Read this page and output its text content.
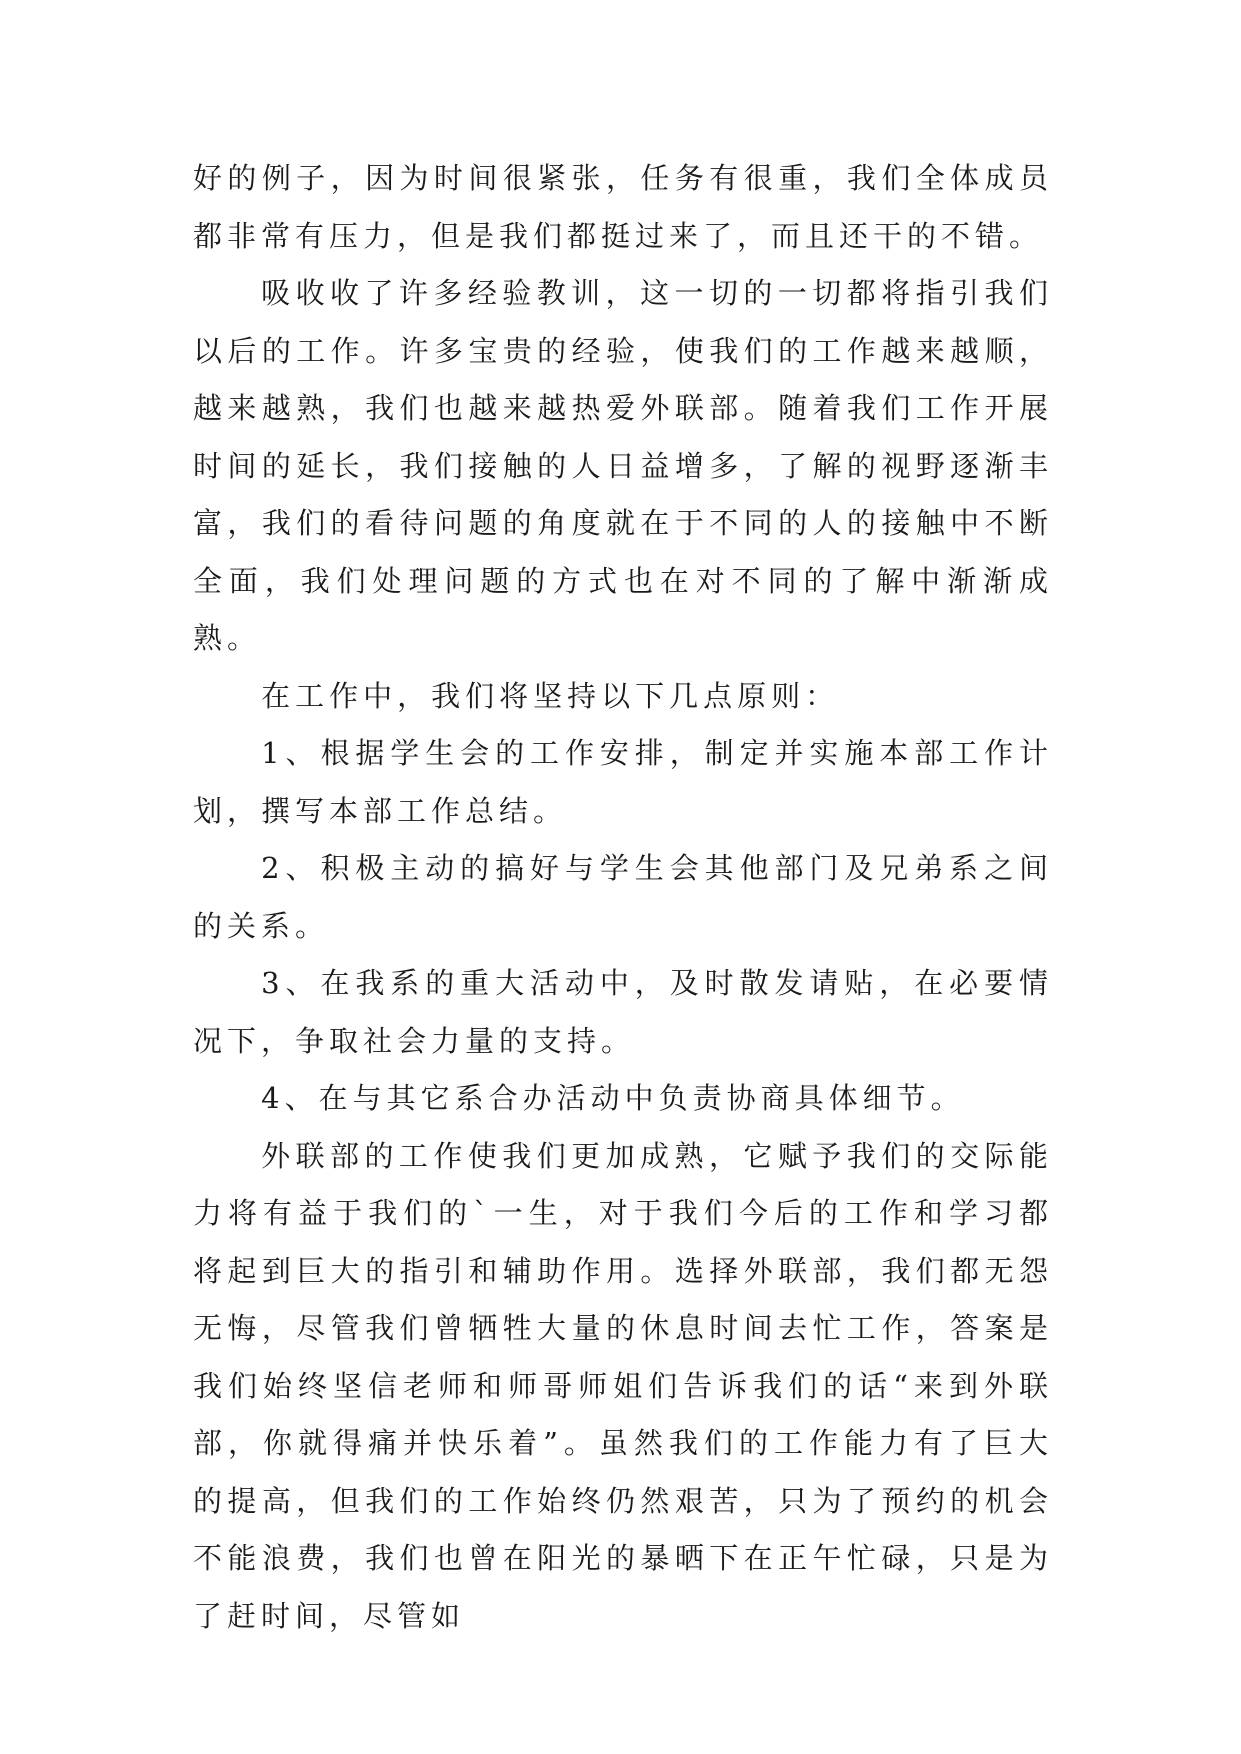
好的例子，因为时间很紧张，任务有很重，我们全体成员都非常有压力，但是我们都挺过来了，而且还干的不错。

吸收收了许多经验教训，这一切的一切都将指引我们以后的工作。许多宝贵的经验，使我们的工作越来越顺，越来越熟，我们也越来越热爱外联部。随着我们工作开展时间的延长，我们接触的人日益增多，了解的视野逐渐丰富，我们的看待问题的角度就在于不同的人的接触中不断全面，我们处理问题的方式也在对不同的了解中渐渐成熟。

在工作中，我们将坚持以下几点原则：

1、根据学生会的工作安排，制定并实施本部工作计划，撰写本部工作总结。

2、积极主动的搞好与学生会其他部门及兄弟系之间的关系。

3、在我系的重大活动中，及时散发请贴，在必要情况下，争取社会力量的支持。

4、在与其它系合办活动中负责协商具体细节。

外联部的工作使我们更加成熟，它赋予我们的交际能力将有益于我们的`一生，对于我们今后的工作和学习都将起到巨大的指引和辅助作用。选择外联部，我们都无怨无悔，尽管我们曾牺牲大量的休息时间去忙工作，答案是我们始终坚信老师和师哥师姐们告诉我们的话“来到外联部，你就得痛并快乐着”。虽然我们的工作能力有了巨大的提高，但我们的工作始终仍然艰苦，只为了预约的机会不能浪费，我们也曾在阳光的暴晒下在正午忙碌，只是为了赶时间，尽管如
